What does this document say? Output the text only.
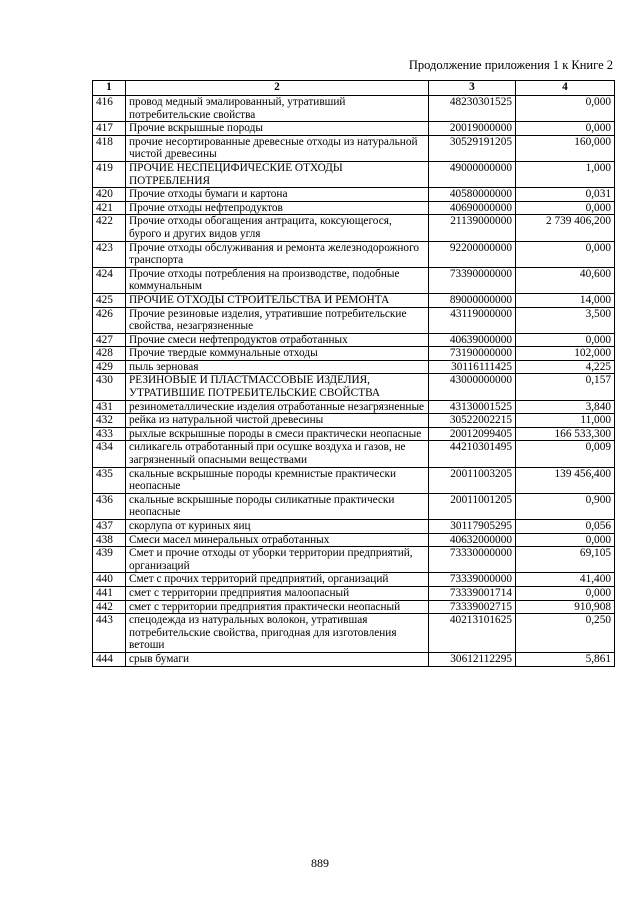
Продолжение приложения 1 к Книге 2
1	2	3	4
416	провод медный эмалированный, утративший потребительские свойства	48230301525	0,000
417	Прочие вскрышные породы	20019000000	0,000
418	прочие несортированные древесные отходы из натуральной чистой древесины	30529191205	160,000
419	ПРОЧИЕ НЕСПЕЦИФИЧЕСКИЕ ОТХОДЫ ПОТРЕБЛЕНИЯ	49000000000	1,000
420	Прочие отходы бумаги и картона	40580000000	0,031
421	Прочие отходы нефтепродуктов	40690000000	0,000
422	Прочие отходы обогащения антрацита, коксующегося, бурого и других видов угля	21139000000	2 739 406,200
423	Прочие отходы обслуживания и ремонта железнодорожного транспорта	92200000000	0,000
424	Прочие отходы потребления на производстве, подобные коммунальным	73390000000	40,600
425	ПРОЧИЕ ОТХОДЫ СТРОИТЕЛЬСТВА И РЕМОНТА	89000000000	14,000
426	Прочие резиновые изделия, утратившие потребительские свойства, незагрязненные	43119000000	3,500
427	Прочие смеси нефтепродуктов отработанных	40639000000	0,000
428	Прочие твердые коммунальные отходы	73190000000	102,000
429	пыль зерновая	30116111425	4,225
430	РЕЗИНОВЫЕ И ПЛАСТМАССОВЫЕ ИЗДЕЛИЯ, УТРАТИВШИЕ ПОТРЕБИТЕЛЬСКИЕ СВОЙСТВА	43000000000	0,157
431	резинометаллические изделия отработанные незагрязненные	43130001525	3,840
432	рейка из натуральной чистой древесины	30522002215	11,000
433	рыхлые вскрышные породы в смеси практически неопасные	20012099405	166 533,300
434	силикагель отработанный при осушке воздуха и газов, не загрязненный опасными веществами	44210301495	0,009
435	скальные вскрышные породы кремнистые практически неопасные	20011003205	139 456,400
436	скальные вскрышные породы силикатные практически неопасные	20011001205	0,900
437	скорлупа от куриных яиц	30117905295	0,056
438	Смеси масел минеральных отработанных	40632000000	0,000
439	Смет и прочие отходы от уборки территории предприятий, организаций	73330000000	69,105
440	Смет с прочих территорий предприятий, организаций	73339000000	41,400
441	смет с территории предприятия малоопасный	73339001714	0,000
442	смет с территории предприятия практически неопасный	73339002715	910,908
443	спецодежда из натуральных волокон, утратившая потребительские свойства, пригодная для изготовления ветоши	40213101625	0,250
444	срыв бумаги	30612112295	5,861
889
